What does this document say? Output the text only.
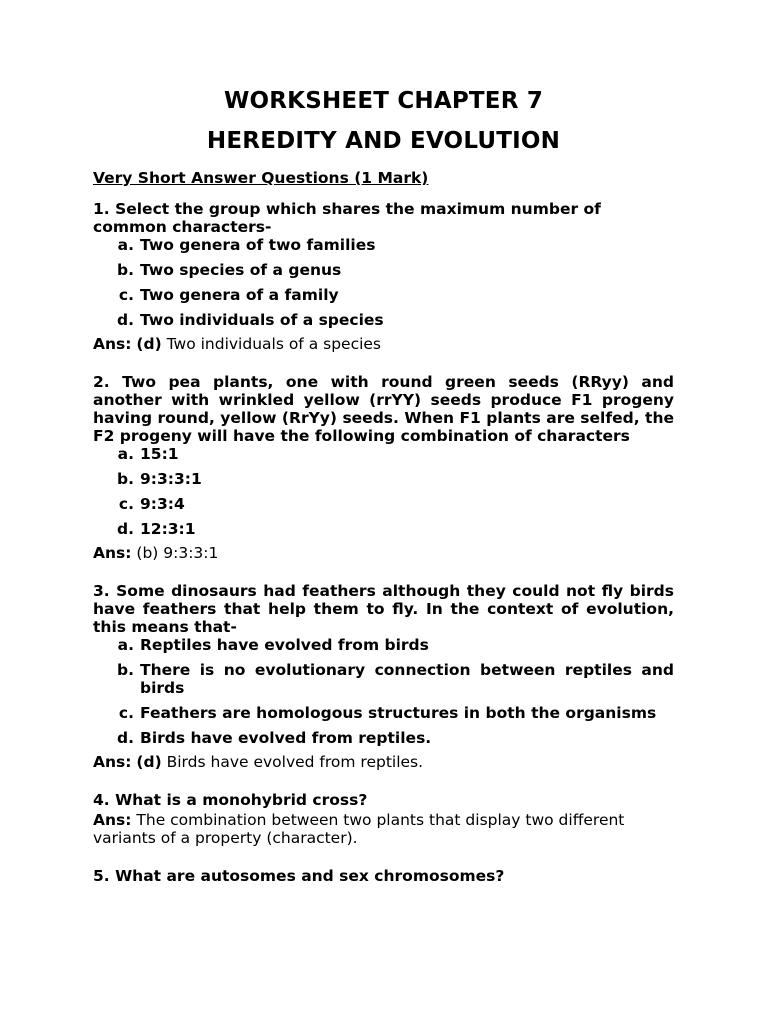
WORKSHEET CHAPTER 7
HEREDITY AND EVOLUTION
Very Short Answer Questions (1 Mark)
1. Select the group which shares the maximum number of common characters-
a. Two genera of two families
b. Two species of a genus
c. Two genera of a family
d. Two individuals of a species
Ans: (d) Two individuals of a species
2. Two pea plants, one with round green seeds (RRyy) and another with wrinkled yellow (rrYY) seeds produce F1 progeny having round, yellow (RrYy) seeds. When F1 plants are selfed, the F2 progeny will have the following combination of characters
a. 15:1
b. 9:3:3:1
c. 9:3:4
d. 12:3:1
Ans: (b) 9:3:3:1
3. Some dinosaurs had feathers although they could not fly birds have feathers that help them to fly. In the context of evolution, this means that-
a. Reptiles have evolved from birds
b. There is no evolutionary connection between reptiles and birds
c. Feathers are homologous structures in both the organisms
d. Birds have evolved from reptiles.
Ans: (d) Birds have evolved from reptiles.
4. What is a monohybrid cross?
Ans: The combination between two plants that display two different variants of a property (character).
5. What are autosomes and sex chromosomes?
